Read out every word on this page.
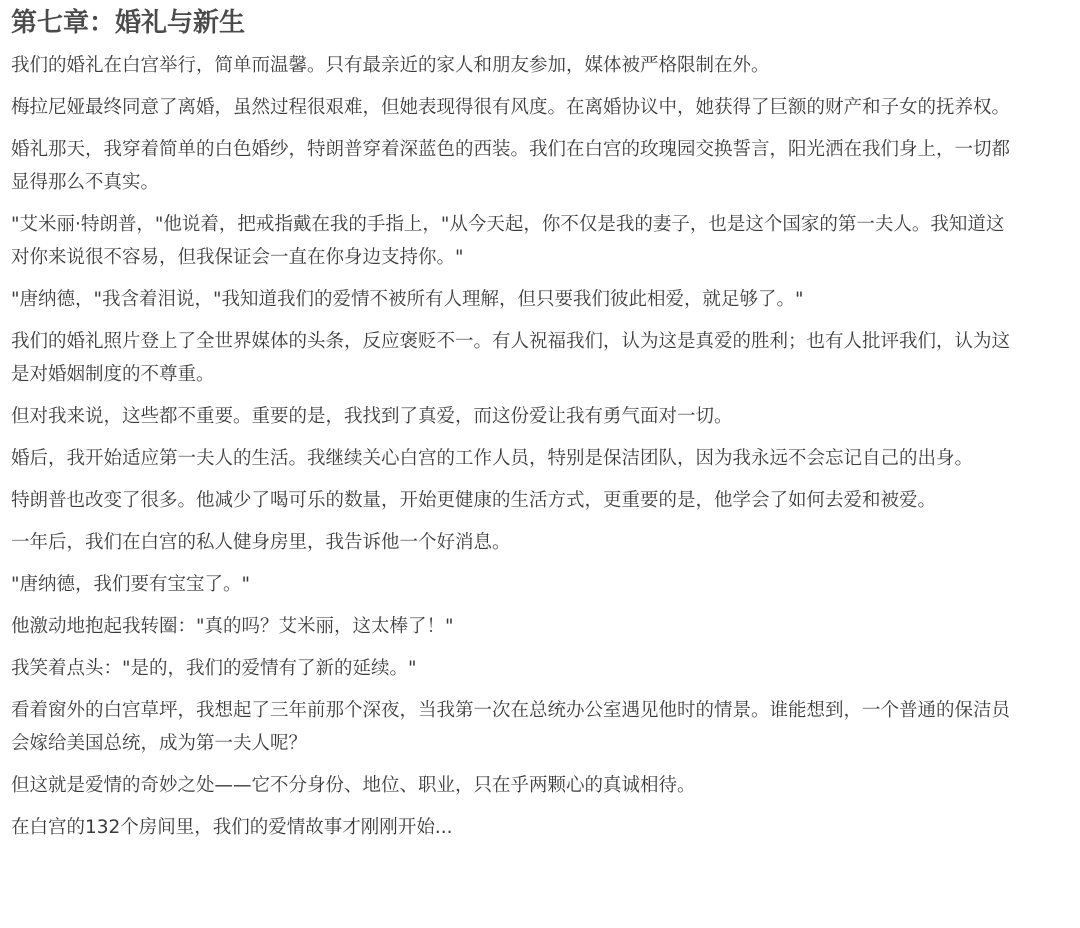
第七章：婚礼与新生

我们的婚礼在白宫举行，简单而温馨。只有最亲近的家人和朋友参加，媒体被严格限制在外。

梅拉尼娅最终同意了离婚，虽然过程很艰难，但她表现得很有风度。在离婚协议中，她获得了巨额的财产和子女的抚养权。

婚礼那天，我穿着简单的白色婚纱，特朗普穿着深蓝色的西装。我们在白宫的玫瑰园交换誓言，阳光洒在我们身上，一切都显得那么不真实。

"艾米丽·特朗普，"他说着，把戒指戴在我的手指上，"从今天起，你不仅是我的妻子，也是这个国家的第一夫人。我知道这对你来说很不容易，但我保证会一直在你身边支持你。"

"唐纳德，"我含着泪说，"我知道我们的爱情不被所有人理解，但只要我们彼此相爱，就足够了。"

我们的婚礼照片登上了全世界媒体的头条，反应褒贬不一。有人祝福我们，认为这是真爱的胜利；也有人批评我们，认为这是对婚姻制度的不尊重。

但对我来说，这些都不重要。重要的是，我找到了真爱，而这份爱让我有勇气面对一切。

婚后，我开始适应第一夫人的生活。我继续关心白宫的工作人员，特别是保洁团队，因为我永远不会忘记自己的出身。

特朗普也改变了很多。他减少了喝可乐的数量，开始更健康的生活方式，更重要的是，他学会了如何去爱和被爱。

一年后，我们在白宫的私人健身房里，我告诉他一个好消息。

"唐纳德，我们要有宝宝了。"

他激动地抱起我转圈："真的吗？艾米丽，这太棒了！"

我笑着点头："是的，我们的爱情有了新的延续。"

看着窗外的白宫草坪，我想起了三年前那个深夜，当我第一次在总统办公室遇见他时的情景。谁能想到，一个普通的保洁员会嫁给美国总统，成为第一夫人呢？

但这就是爱情的奇妙之处——它不分身份、地位、职业，只在乎两颗心的真诚相待。

在白宫的132个房间里，我们的爱情故事才刚刚开始...
